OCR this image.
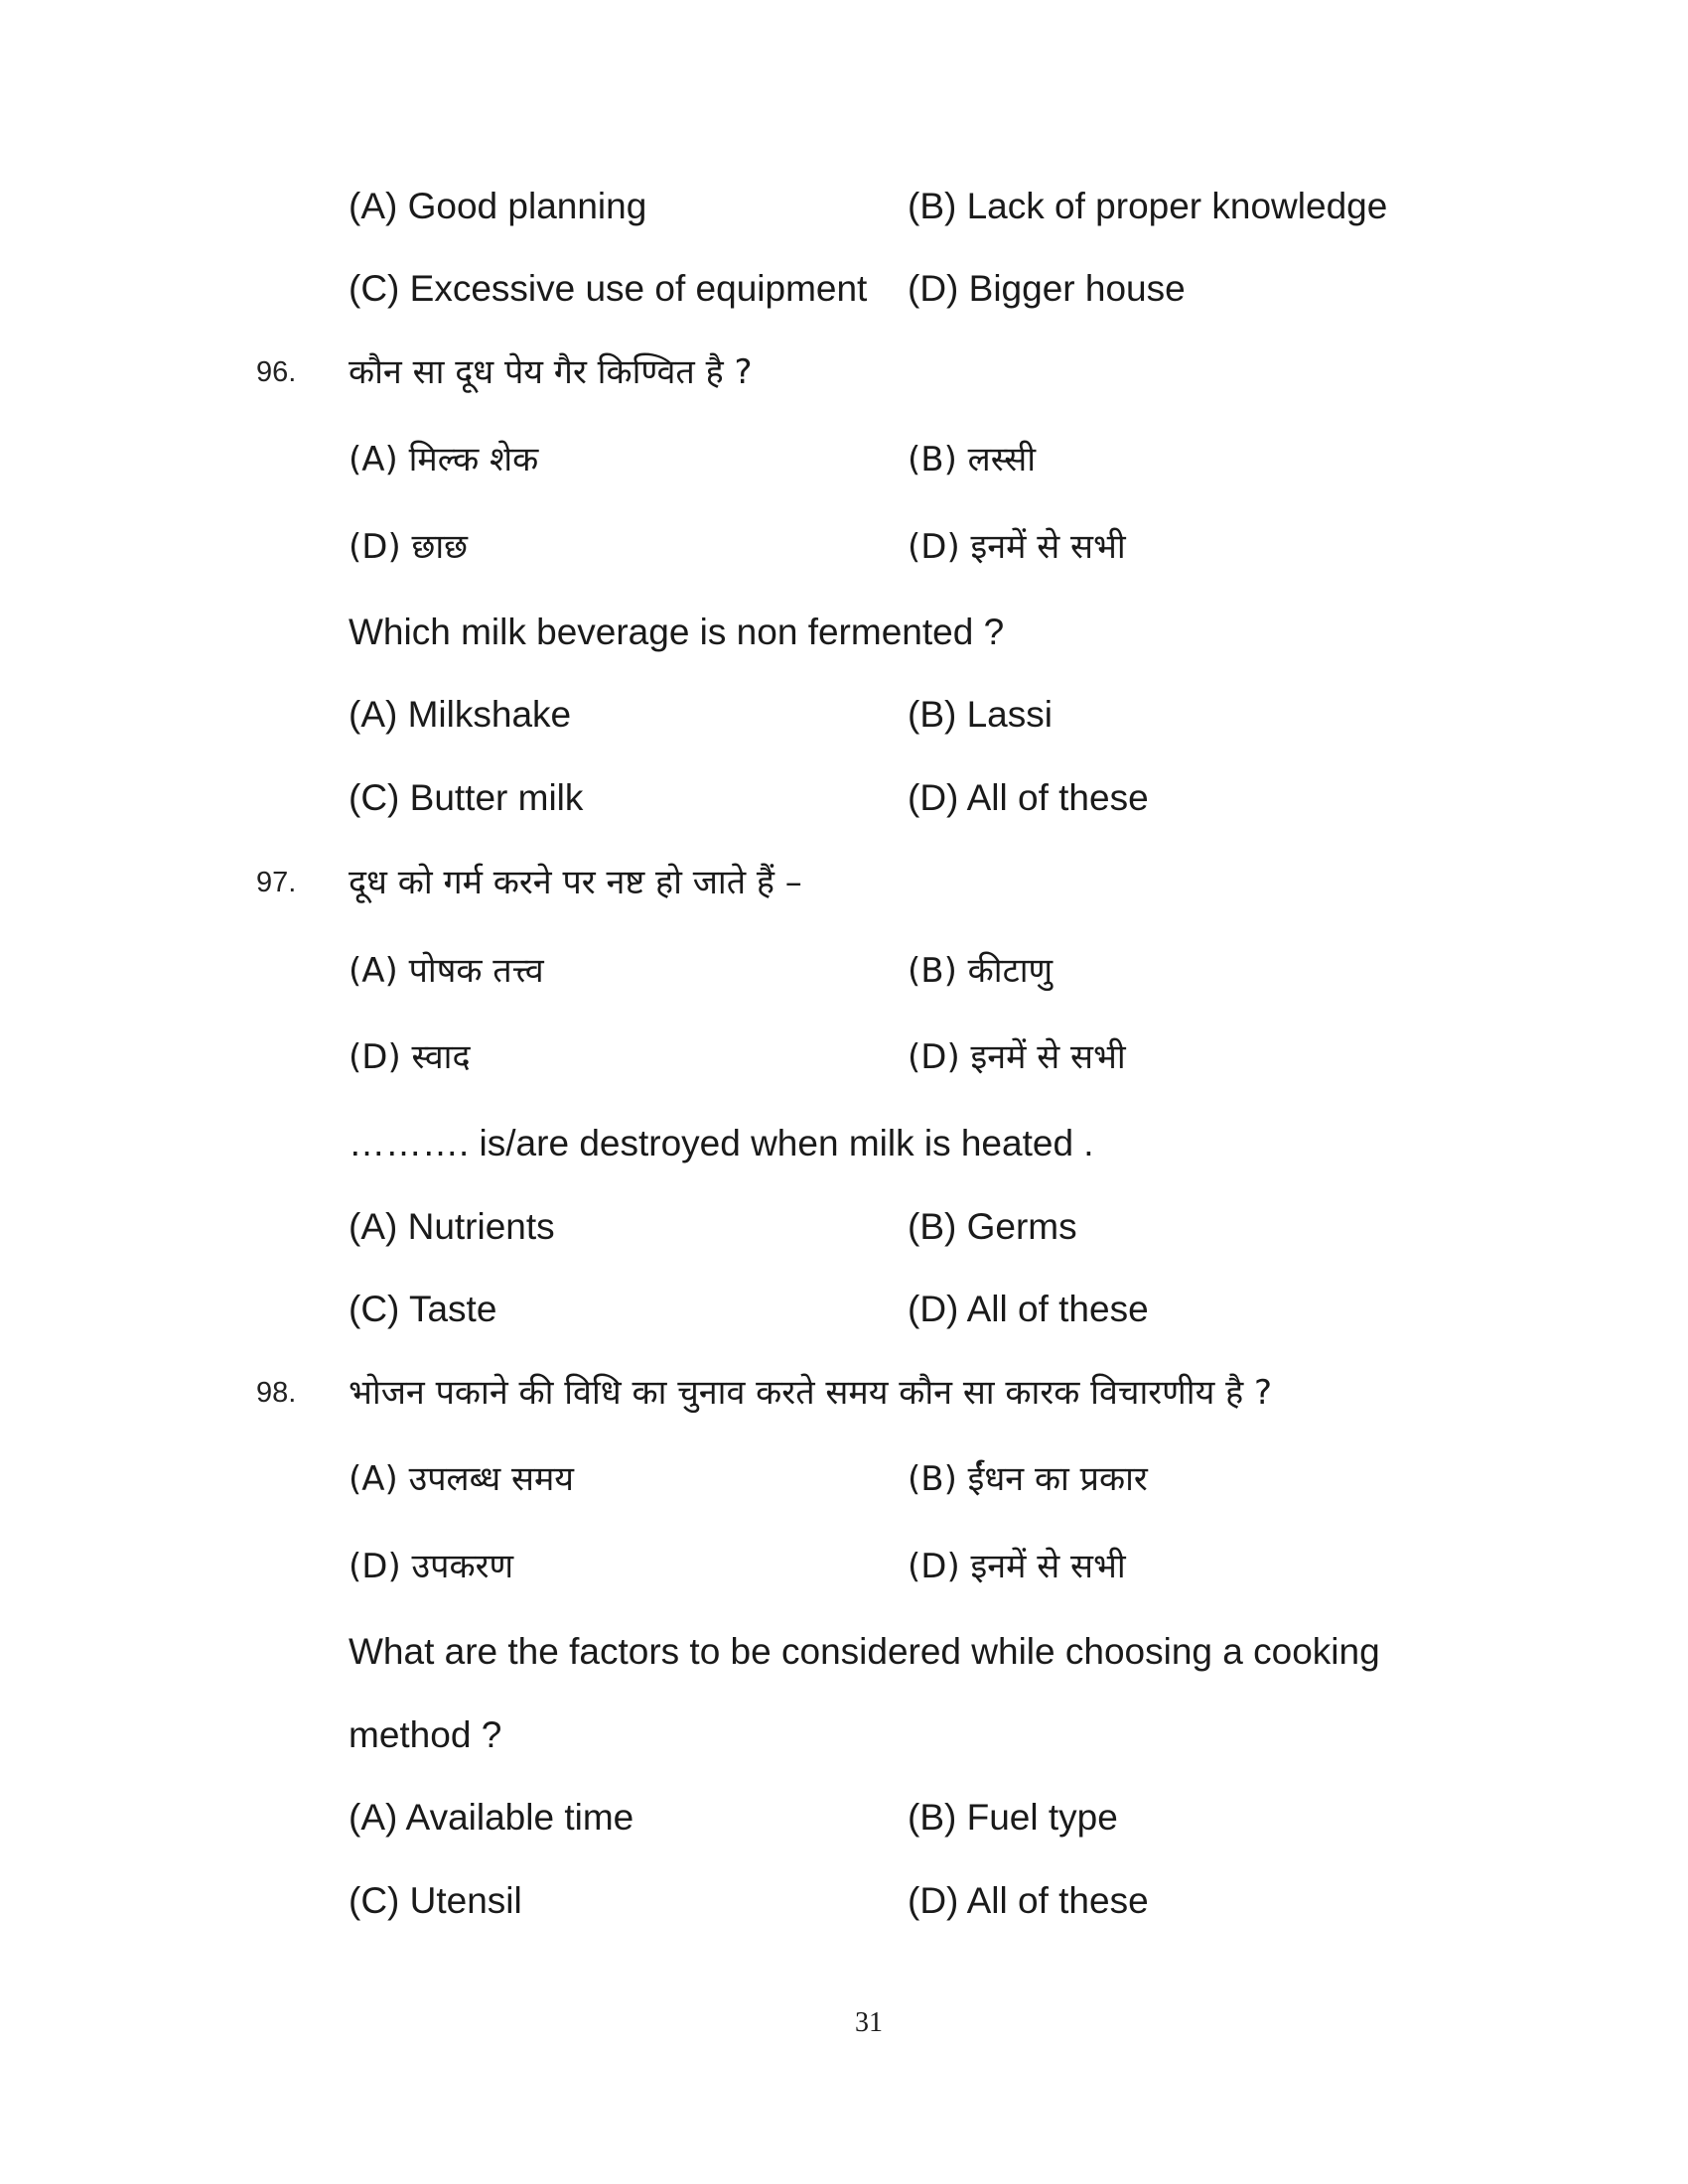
(A) Good planning	(B) Lack of proper knowledge
(C) Excessive use of equipment (D) Bigger house
96. कौन सा दूध पेय गैर किण्वित है ?
(A) मिल्क शेक	(B) लस्सी
(D) छाछ	(D) इनमें से सभी
Which milk beverage is non fermented ?
(A) Milkshake	(B) Lassi
(C) Butter milk	(D) All of these
97. दूध को गर्म करने पर नष्ट हो जाते हैं –
(A) पोषक तत्त्व	(B) कीटाणु
(D) स्वाद	(D) इनमें से सभी
………. is/are destroyed when milk is heated .
(A) Nutrients	(B) Germs
(C) Taste	(D) All of these
98. भोजन पकाने की विधि का चुनाव करते समय कौन सा कारक विचारणीय है ?
(A) उपलब्ध समय	(B) ईंधन का प्रकार
(D) उपकरण	(D) इनमें से सभी
What are the factors to be considered while choosing a cooking
method ?
(A) Available time	(B) Fuel type
(C) Utensil	(D) All of these
31
